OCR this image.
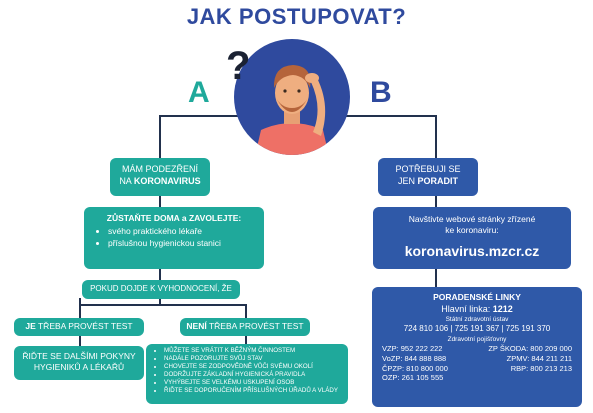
JAK POSTUPOVAT?
A	B
?
MÁM PODEZŘENÍ
NA KORONAVIRUS
ZŮSTAŇTE DOMA a ZAVOLEJTE:
• svého praktického lékaře
• příslušnou hygienickou stanici
POKUD DOJDE K VYHODNOCENÍ, ŽE
JE TŘEBA PROVÉST TEST	NENÍ TŘEBA PROVÉST TEST
ŘIĎTE SE DALŠÍMI POKYNY
HYGIENIKŮ A LÉKAŘŮ
• MŮŽETE SE VRÁTIT K BĚŽNÝM ČINNOSTEM
• NADÁLE POZORUJTE SVŮJ STAV
• CHOVEJTE SE ZODPOVĚDNĚ VŮČI SVÉMU OKOLÍ
• DODRŽUJTE ZÁKLADNÍ HYGIENICKÁ PRAVIDLA
• VYHÝBEJTE SE VELKÉMU USKUPENÍ OSOB
• ŘIĎTE SE DOPORUČENÍM PŘÍSLUŠNÝCH ÚŘADŮ A VLÁDY
POTŘEBUJI SE
JEN PORADIT
Navštivte webové stránky zřízené
ke koronaviru:
koronavirus.mzcr.cz
PORADENSKÉ LINKY
Hlavní linka: 1212
Státní zdravotní ústav
724 810 106 | 725 191 367 | 725 191 370
Zdravotní pojišťovny
VZP: 952 222 222
VoZP: 844 888 888
ČPZP: 810 800 000
OZP: 261 105 555
ZP ŠKODA: 800 209 000
ZPMV: 844 211 211
RBP: 800 213 213
